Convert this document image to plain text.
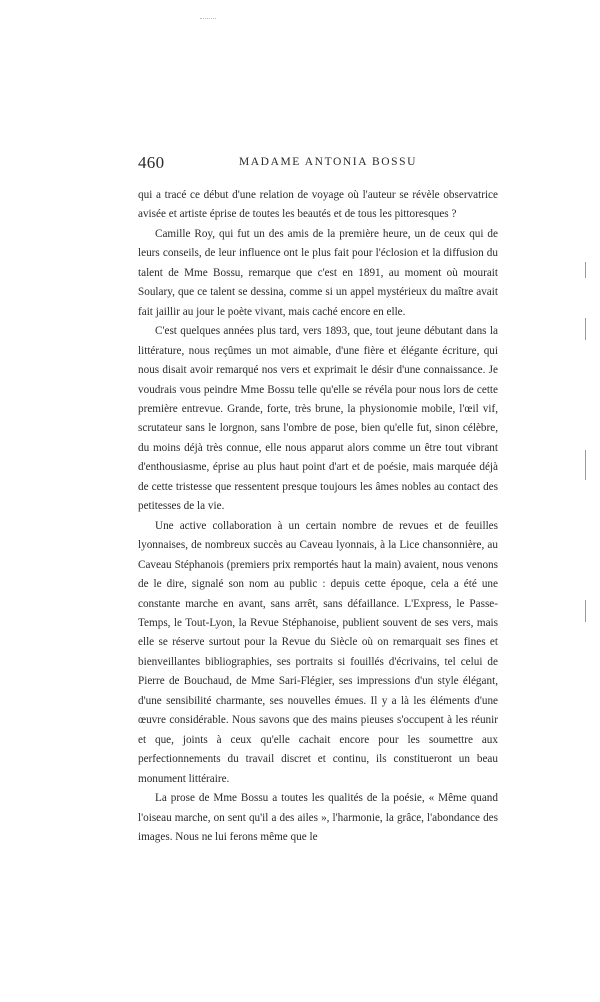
460	MADAME ANTONIA BOSSU

qui a tracé ce début d'une relation de voyage où l'auteur se révèle observatrice avisée et artiste éprise de toutes les beautés et de tous les pittoresques ?

Camille Roy, qui fut un des amis de la première heure, un de ceux qui de leurs conseils, de leur influence ont le plus fait pour l'éclosion et la diffusion du talent de Mme Bossu, remarque que c'est en 1891, au moment où mourait Soulary, que ce talent se dessina, comme si un appel mystérieux du maître avait fait jaillir au jour le poète vivant, mais caché encore en elle.

C'est quelques années plus tard, vers 1893, que, tout jeune débutant dans la littérature, nous reçûmes un mot aimable, d'une fière et élégante écriture, qui nous disait avoir remarqué nos vers et exprimait le désir d'une connaissance. Je voudrais vous peindre Mme Bossu telle qu'elle se révéla pour nous lors de cette première entrevue. Grande, forte, très brune, la physionomie mobile, l'œil vif, scrutateur sans le lorgnon, sans l'ombre de pose, bien qu'elle fut, sinon célèbre, du moins déjà très connue, elle nous apparut alors comme un être tout vibrant d'enthousiasme, éprise au plus haut point d'art et de poésie, mais marquée déjà de cette tristesse que ressentent presque toujours les âmes nobles au contact des petitesses de la vie.

Une active collaboration à un certain nombre de revues et de feuilles lyonnaises, de nombreux succès au Caveau lyonnais, à la Lice chansonnière, au Caveau Stéphanois (premiers prix remportés haut la main) avaient, nous venons de le dire, signalé son nom au public : depuis cette époque, cela a été une constante marche en avant, sans arrêt, sans défaillance. L'Express, le Passe-Temps, le Tout-Lyon, la Revue Stéphanoise, publient souvent de ses vers, mais elle se réserve surtout pour la Revue du Siècle où on remarquait ses fines et bienveillantes bibliographies, ses portraits si fouillés d'écrivains, tel celui de Pierre de Bouchaud, de Mme Sari-Flégier, ses impressions d'un style élégant, d'une sensibilité charmante, ses nouvelles émues. Il y a là les éléments d'une œuvre considérable. Nous savons que des mains pieuses s'occupent à les réunir et que, joints à ceux qu'elle cachait encore pour les soumettre aux perfectionnements du travail discret et continu, ils constitueront un beau monument littéraire.

La prose de Mme Bossu a toutes les qualités de la poésie, « Même quand l'oiseau marche, on sent qu'il a des ailes », l'harmonie, la grâce, l'abondance des images. Nous ne lui ferons même que le
